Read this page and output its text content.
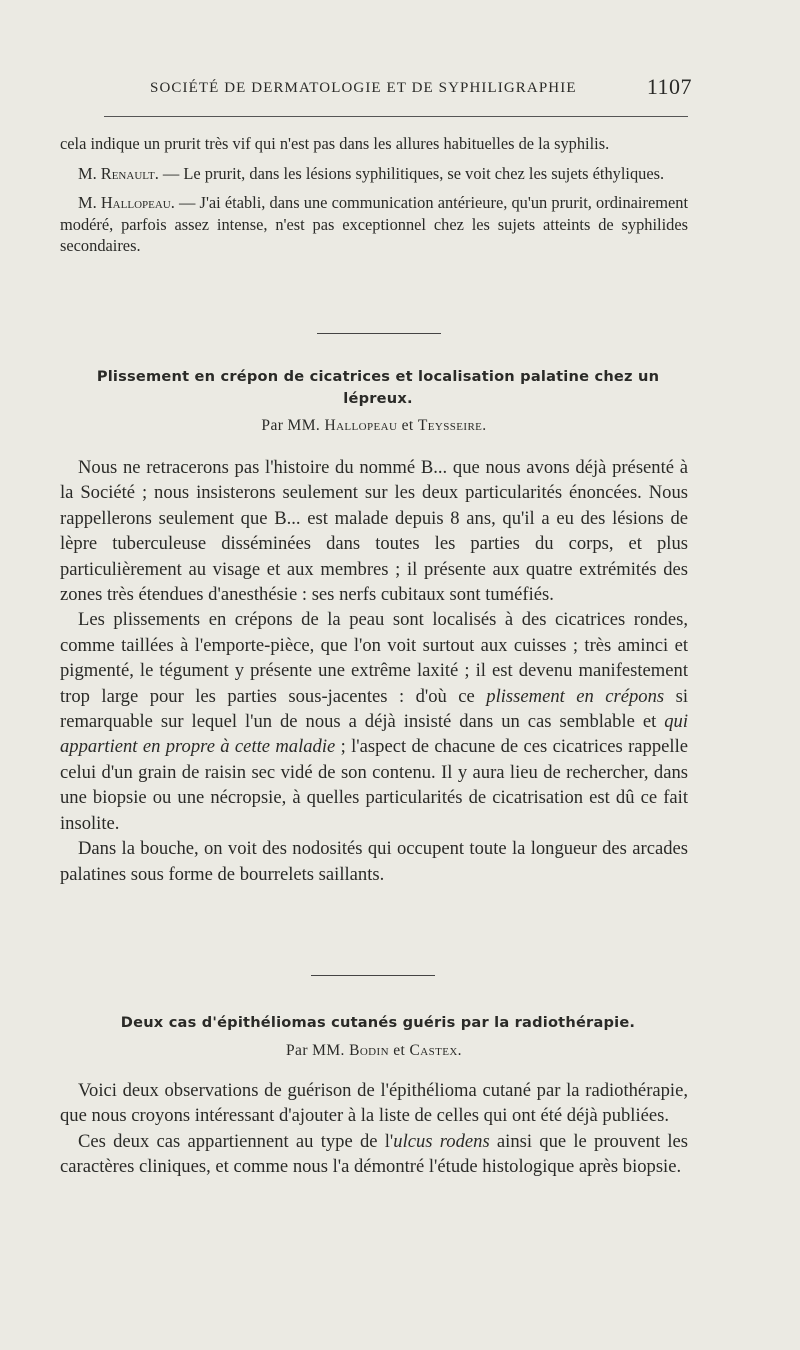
SOCIÉTÉ DE DERMATOLOGIE ET DE SYPHILIGRAPHIE	1107

cela indique un prurit très vif qui n'est pas dans les allures habituelles de la syphilis.

M. Renault. — Le prurit, dans les lésions syphilitiques, se voit chez les sujets éthyliques.

M. Hallopeau. — J'ai établi, dans une communication antérieure, qu'un prurit, ordinairement modéré, parfois assez intense, n'est pas exceptionnel chez les sujets atteints de syphilides secondaires.

Plissement en crépon de cicatrices et localisation palatine chez un lépreux.
Par MM. Hallopeau et Teysseire.

Nous ne retracerons pas l'histoire du nommé B... que nous avons déjà présenté à la Société ; nous insisterons seulement sur les deux particularités énoncées. Nous rappellerons seulement que B... est malade depuis 8 ans, qu'il a eu des lésions de lèpre tuberculeuse disséminées dans toutes les parties du corps, et plus particulièrement au visage et aux membres ; il présente aux quatre extrémités des zones très étendues d'anesthésie : ses nerfs cubitaux sont tuméfiés.

Les plissements en crépons de la peau sont localisés à des cicatrices rondes, comme taillées à l'emporte-pièce, que l'on voit surtout aux cuisses ; très aminci et pigmenté, le tégument y présente une extrême laxité ; il est devenu manifestement trop large pour les parties sous-jacentes : d'où ce plissement en crépons si remarquable sur lequel l'un de nous a déjà insisté dans un cas semblable et qui appartient en propre à cette maladie ; l'aspect de chacune de ces cicatrices rappelle celui d'un grain de raisin sec vidé de son contenu. Il y aura lieu de rechercher, dans une biopsie ou une nécropsie, à quelles particularités de cicatrisation est dû ce fait insolite.

Dans la bouche, on voit des nodosités qui occupent toute la longueur des arcades palatines sous forme de bourrelets saillants.

Deux cas d'épithéliomas cutanés guéris par la radiothérapie.
Par MM. Bodin et Castex.

Voici deux observations de guérison de l'épithélioma cutané par la radiothérapie, que nous croyons intéressant d'ajouter à la liste de celles qui ont été déjà publiées.

Ces deux cas appartiennent au type de l'ulcus rodens ainsi que le prouvent les caractères cliniques, et comme nous l'a démontré l'étude histologique après biopsie.
